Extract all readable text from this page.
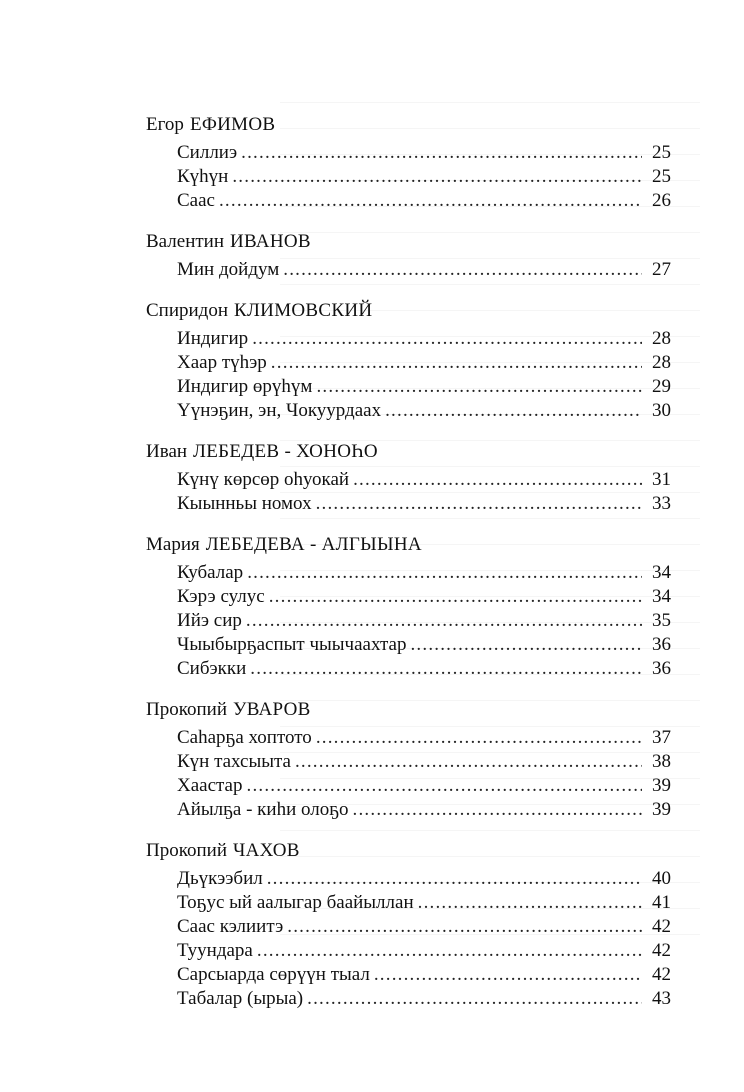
Егор ЕФИМОВ
Силлиэ .....	25
Күһүн .....	25
Саас .....	26
Валентин ИВАНОВ
Мин дойдум .....	27
Спиридон КЛИМОВСКИЙ
Индигир .....	28
Хаар түһэр .....	28
Индигир өрүһүм .....	29
Үүнэҕин, эн, Чокуурдаах .....	30
Иван ЛЕБЕДЕВ - ХОНОҺО
Күнү көрсөр оһуокай .....	31
Кыынньы номох .....	33
Мария ЛЕБЕДЕВА - АЛГЫЫНА
Кубалар .....	34
Кэрэ сулус .....	34
Ийэ сир .....	35
Чыыбырҕаспыт чыычаахтар .....	36
Сибэкки .....	36
Прокопий УВАРОВ
Саһарҕа хоптото .....	37
Күн тахсыыта .....	38
Хаастар .....	39
Айылҕа - киһи олоҕо .....	39
Прокопий ЧАХОВ
Дьүкээбил .....	40
Тоҕус ый аалыгар баайыллан .....	41
Саас кэлиитэ .....	42
Туундара .....	42
Сарсыарда сөрүүн тыал .....	42
Табалар (ырыа) .....	43
